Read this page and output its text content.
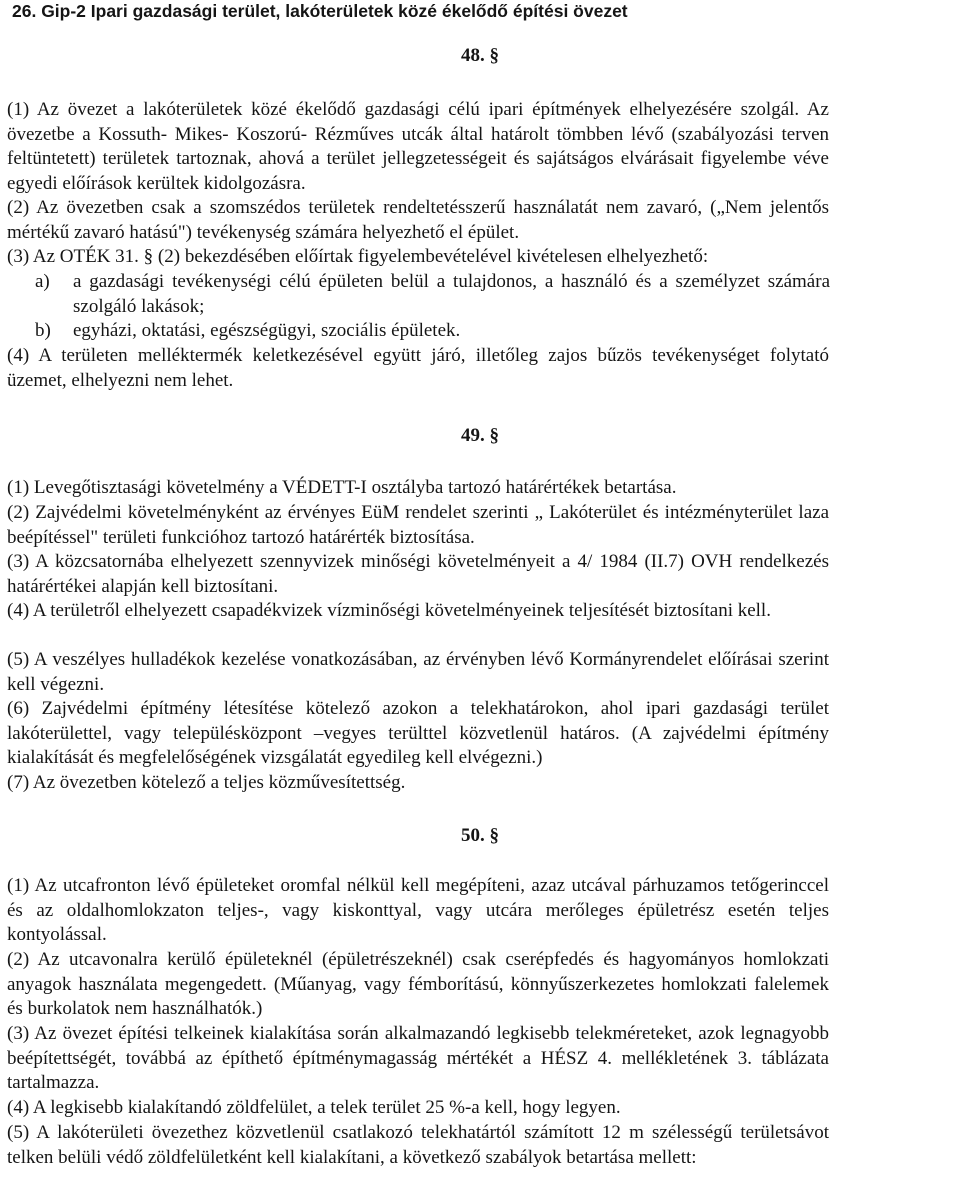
26. Gip-2 Ipari gazdasági terület, lakóterületek közé ékelődő építési övezet
48. §
(1) Az övezet a lakóterületek közé ékelődő gazdasági célú ipari építmények elhelyezésére szolgál. Az övezetbe a Kossuth- Mikes- Koszorú- Rézműves utcák által határolt tömbben lévő (szabályozási terven feltüntetett) területek tartoznak, ahová a terület jellegzetességeit és sajátságos elvárásait figyelembe véve egyedi előírások kerültek kidolgozásra.
(2) Az övezetben csak a szomszédos területek rendeltetésszerű használatát nem zavaró, („Nem jelentős mértékű zavaró hatású") tevékenység számára helyezhető el épület.
(3) Az OTÉK 31. § (2) bekezdésében előírtak figyelembevételével kivételesen elhelyezhető:
a) a gazdasági tevékenységi célú épületen belül a tulajdonos, a használó és a személyzet számára szolgáló lakások;
b) egyházi, oktatási, egészségügyi, szociális épületek.
(4) A területen melléktermék keletkezésével együtt járó, illetőleg zajos bűzös tevékenységet folytató üzemet, elhelyezni nem lehet.
49. §
(1) Levegőtisztasági követelmény a VÉDETT-I osztályba tartozó határértékek betartása.
(2) Zajvédelmi követelményként az érvényes EüM rendelet szerinti „ Lakóterület és intézményterület laza beépítéssel" területi funkcióhoz tartozó határérték biztosítása.
(3) A közcsatornába elhelyezett szennyvizek minőségi követelményeit a 4/ 1984 (II.7) OVH rendelkezés határértékei alapján kell biztosítani.
(4) A területről elhelyezett csapadékvizek vízminőségi követelményeinek teljesítését biztosítani kell.
(5) A veszélyes hulladékok kezelése vonatkozásában, az érvényben lévő Kormányrendelet előírásai szerint kell végezni.
(6) Zajvédelmi építmény létesítése kötelező azokon a telekhatárokon, ahol ipari gazdasági terület lakóterülettel, vagy településközpont –vegyes terülttel közvetlenül határos. (A zajvédelmi építmény kialakítását és megfelelőségének vizsgálatát egyedileg kell elvégezni.)
(7) Az övezetben kötelező a teljes közművesítettség.
50. §
(1) Az utcafronton lévő épületeket oromfal nélkül kell megépíteni, azaz utcával párhuzamos tetőgerinccel és az oldalhomlokzaton teljes-, vagy kiskonttyal, vagy utcára merőleges épületrész esetén teljes kontyolással.
(2) Az utcavonalra kerülő épületeknél (épületrészeknél) csak cserépfedés és hagyományos homlokzati anyagok használata megengedett. (Műanyag, vagy fémborítású, könnyűszerkezetes homlokzati falelemek és burkolatok nem használhatók.)
(3) Az övezet építési telkeinek kialakítása során alkalmazandó legkisebb telekméreteket, azok legnagyobb beépítettségét, továbbá az építhető építménymagasság mértékét a HÉSZ 4. mellékletének 3. táblázata tartalmazza.
(4) A legkisebb kialakítandó zöldfelület, a telek terület 25 %-a kell, hogy legyen.
(5) A lakóterületi övezethez közvetlenül csatlakozó telekhatártól számított 12 m szélességű területsávot telken belüli védő zöldfelületként kell kialakítani, a következő szabályok betartása mellett:
